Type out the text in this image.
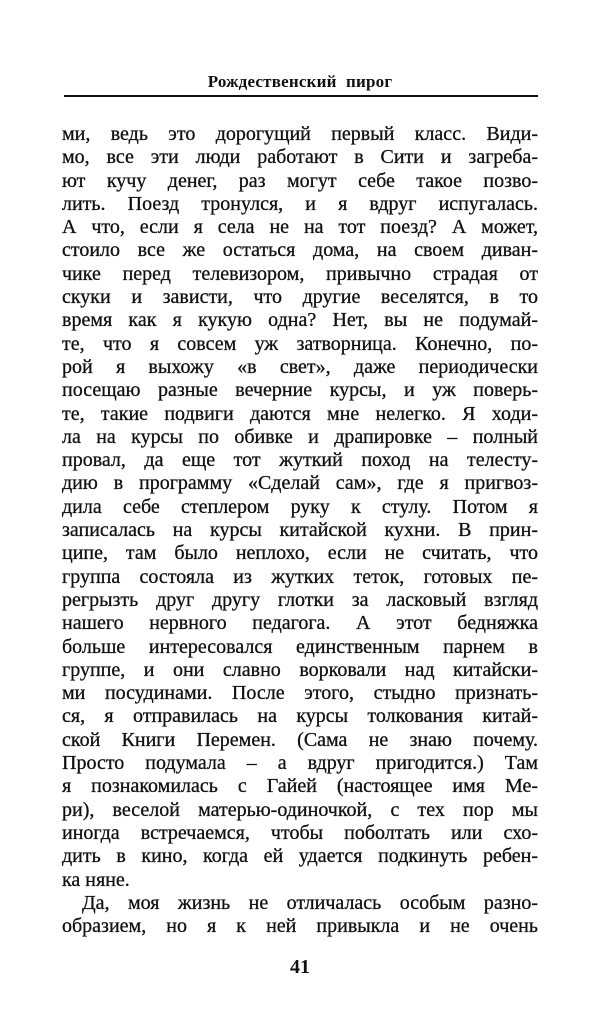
Рождественский пирог
ми, ведь это дорогущий первый класс. Види-
мо, все эти люди работают в Сити и загреба-
ют кучу денег, раз могут себе такое позво-
лить. Поезд тронулся, и я вдруг испугалась.
А что, если я села не на тот поезд? А может,
стоило все же остаться дома, на своем диван-
чике перед телевизором, привычно страдая от
скуки и зависти, что другие веселятся, в то
время как я кукую одна? Нет, вы не подумай-
те, что я совсем уж затворница. Конечно, по-
рой я выхожу «в свет», даже периодически
посещаю разные вечерние курсы, и уж поверь-
те, такие подвиги даются мне нелегко. Я ходи-
ла на курсы по обивке и драпировке – полный
провал, да еще тот жуткий поход на телесту-
дию в программу «Сделай сам», где я пригвоз-
дила себе степлером руку к стулу. Потом я
записалась на курсы китайской кухни. В прин-
ципе, там было неплохо, если не считать, что
группа состояла из жутких теток, готовых пе-
регрызть друг другу глотки за ласковый взгляд
нашего нервного педагога. А этот бедняжка
больше интересовался единственным парнем в
группе, и они славно ворковали над китайски-
ми посудинами. После этого, стыдно признать-
ся, я отправилась на курсы толкования китай-
ской Книги Перемен. (Сама не знаю почему.
Просто подумала – а вдруг пригодится.) Там
я познакомилась с Гайей (настоящее имя Ме-
ри), веселой матерью-одиночкой, с тех пор мы
иногда встречаемся, чтобы поболтать или схо-
дить в кино, когда ей удается подкинуть ребен-
ка няне.
Да, моя жизнь не отличалась особым разно-
образием, но я к ней привыкла и не очень
41
